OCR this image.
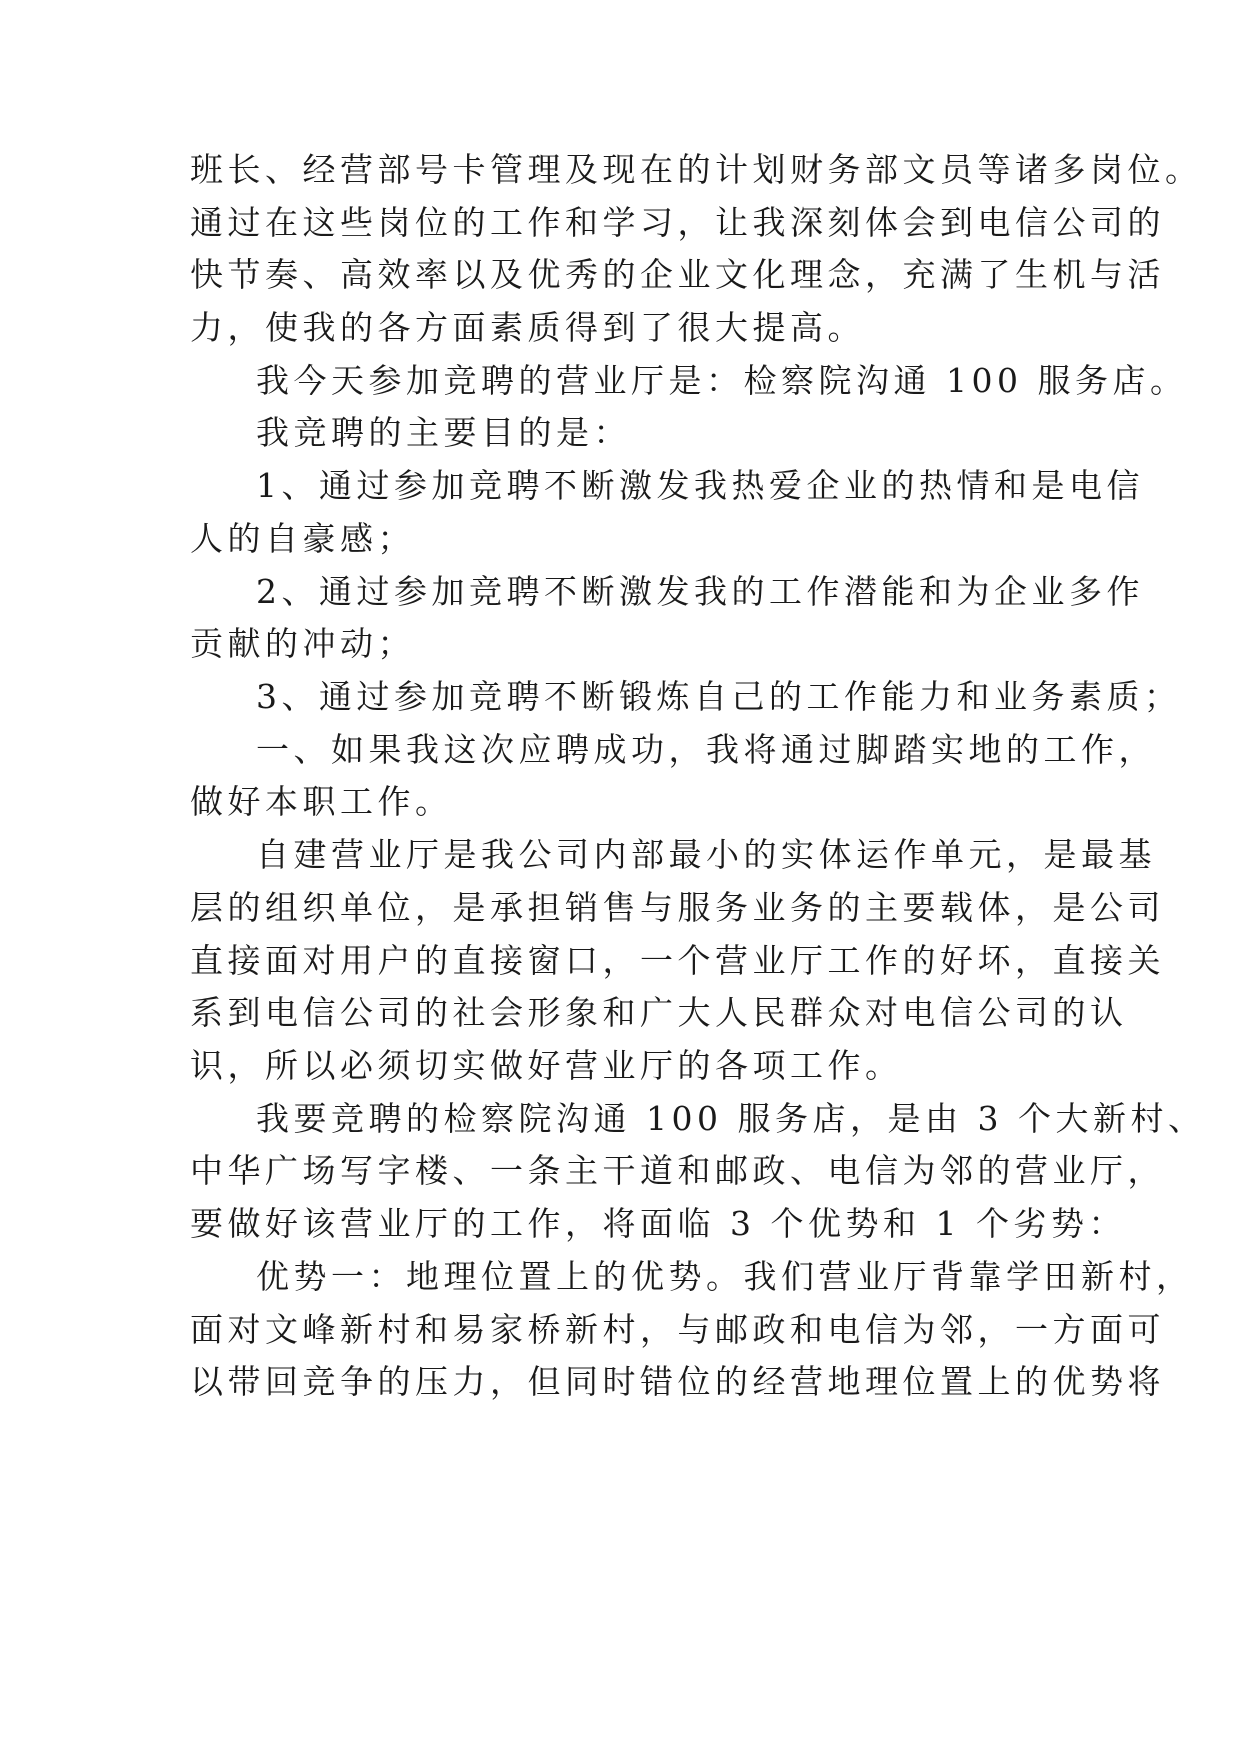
班长、经营部号卡管理及现在的计划财务部文员等诸多岗位。
通过在这些岗位的工作和学习，让我深刻体会到电信公司的
快节奏、高效率以及优秀的企业文化理念，充满了生机与活
力，使我的各方面素质得到了很大提高。
我今天参加竞聘的营业厅是：检察院沟通 100 服务店。
我竞聘的主要目的是：
1、通过参加竞聘不断激发我热爱企业的热情和是电信
人的自豪感；
2、通过参加竞聘不断激发我的工作潜能和为企业多作
贡献的冲动；
3、通过参加竞聘不断锻炼自己的工作能力和业务素质；
一、如果我这次应聘成功，我将通过脚踏实地的工作，
做好本职工作。
自建营业厅是我公司内部最小的实体运作单元，是最基
层的组织单位，是承担销售与服务业务的主要载体，是公司
直接面对用户的直接窗口，一个营业厅工作的好坏，直接关
系到电信公司的社会形象和广大人民群众对电信公司的认
识，所以必须切实做好营业厅的各项工作。
我要竞聘的检察院沟通 100 服务店，是由 3 个大新村、
中华广场写字楼、一条主干道和邮政、电信为邻的营业厅，
要做好该营业厅的工作，将面临 3 个优势和 1 个劣势：
优势一：地理位置上的优势。我们营业厅背靠学田新村，
面对文峰新村和易家桥新村，与邮政和电信为邻，一方面可
以带回竞争的压力，但同时错位的经营地理位置上的优势将
